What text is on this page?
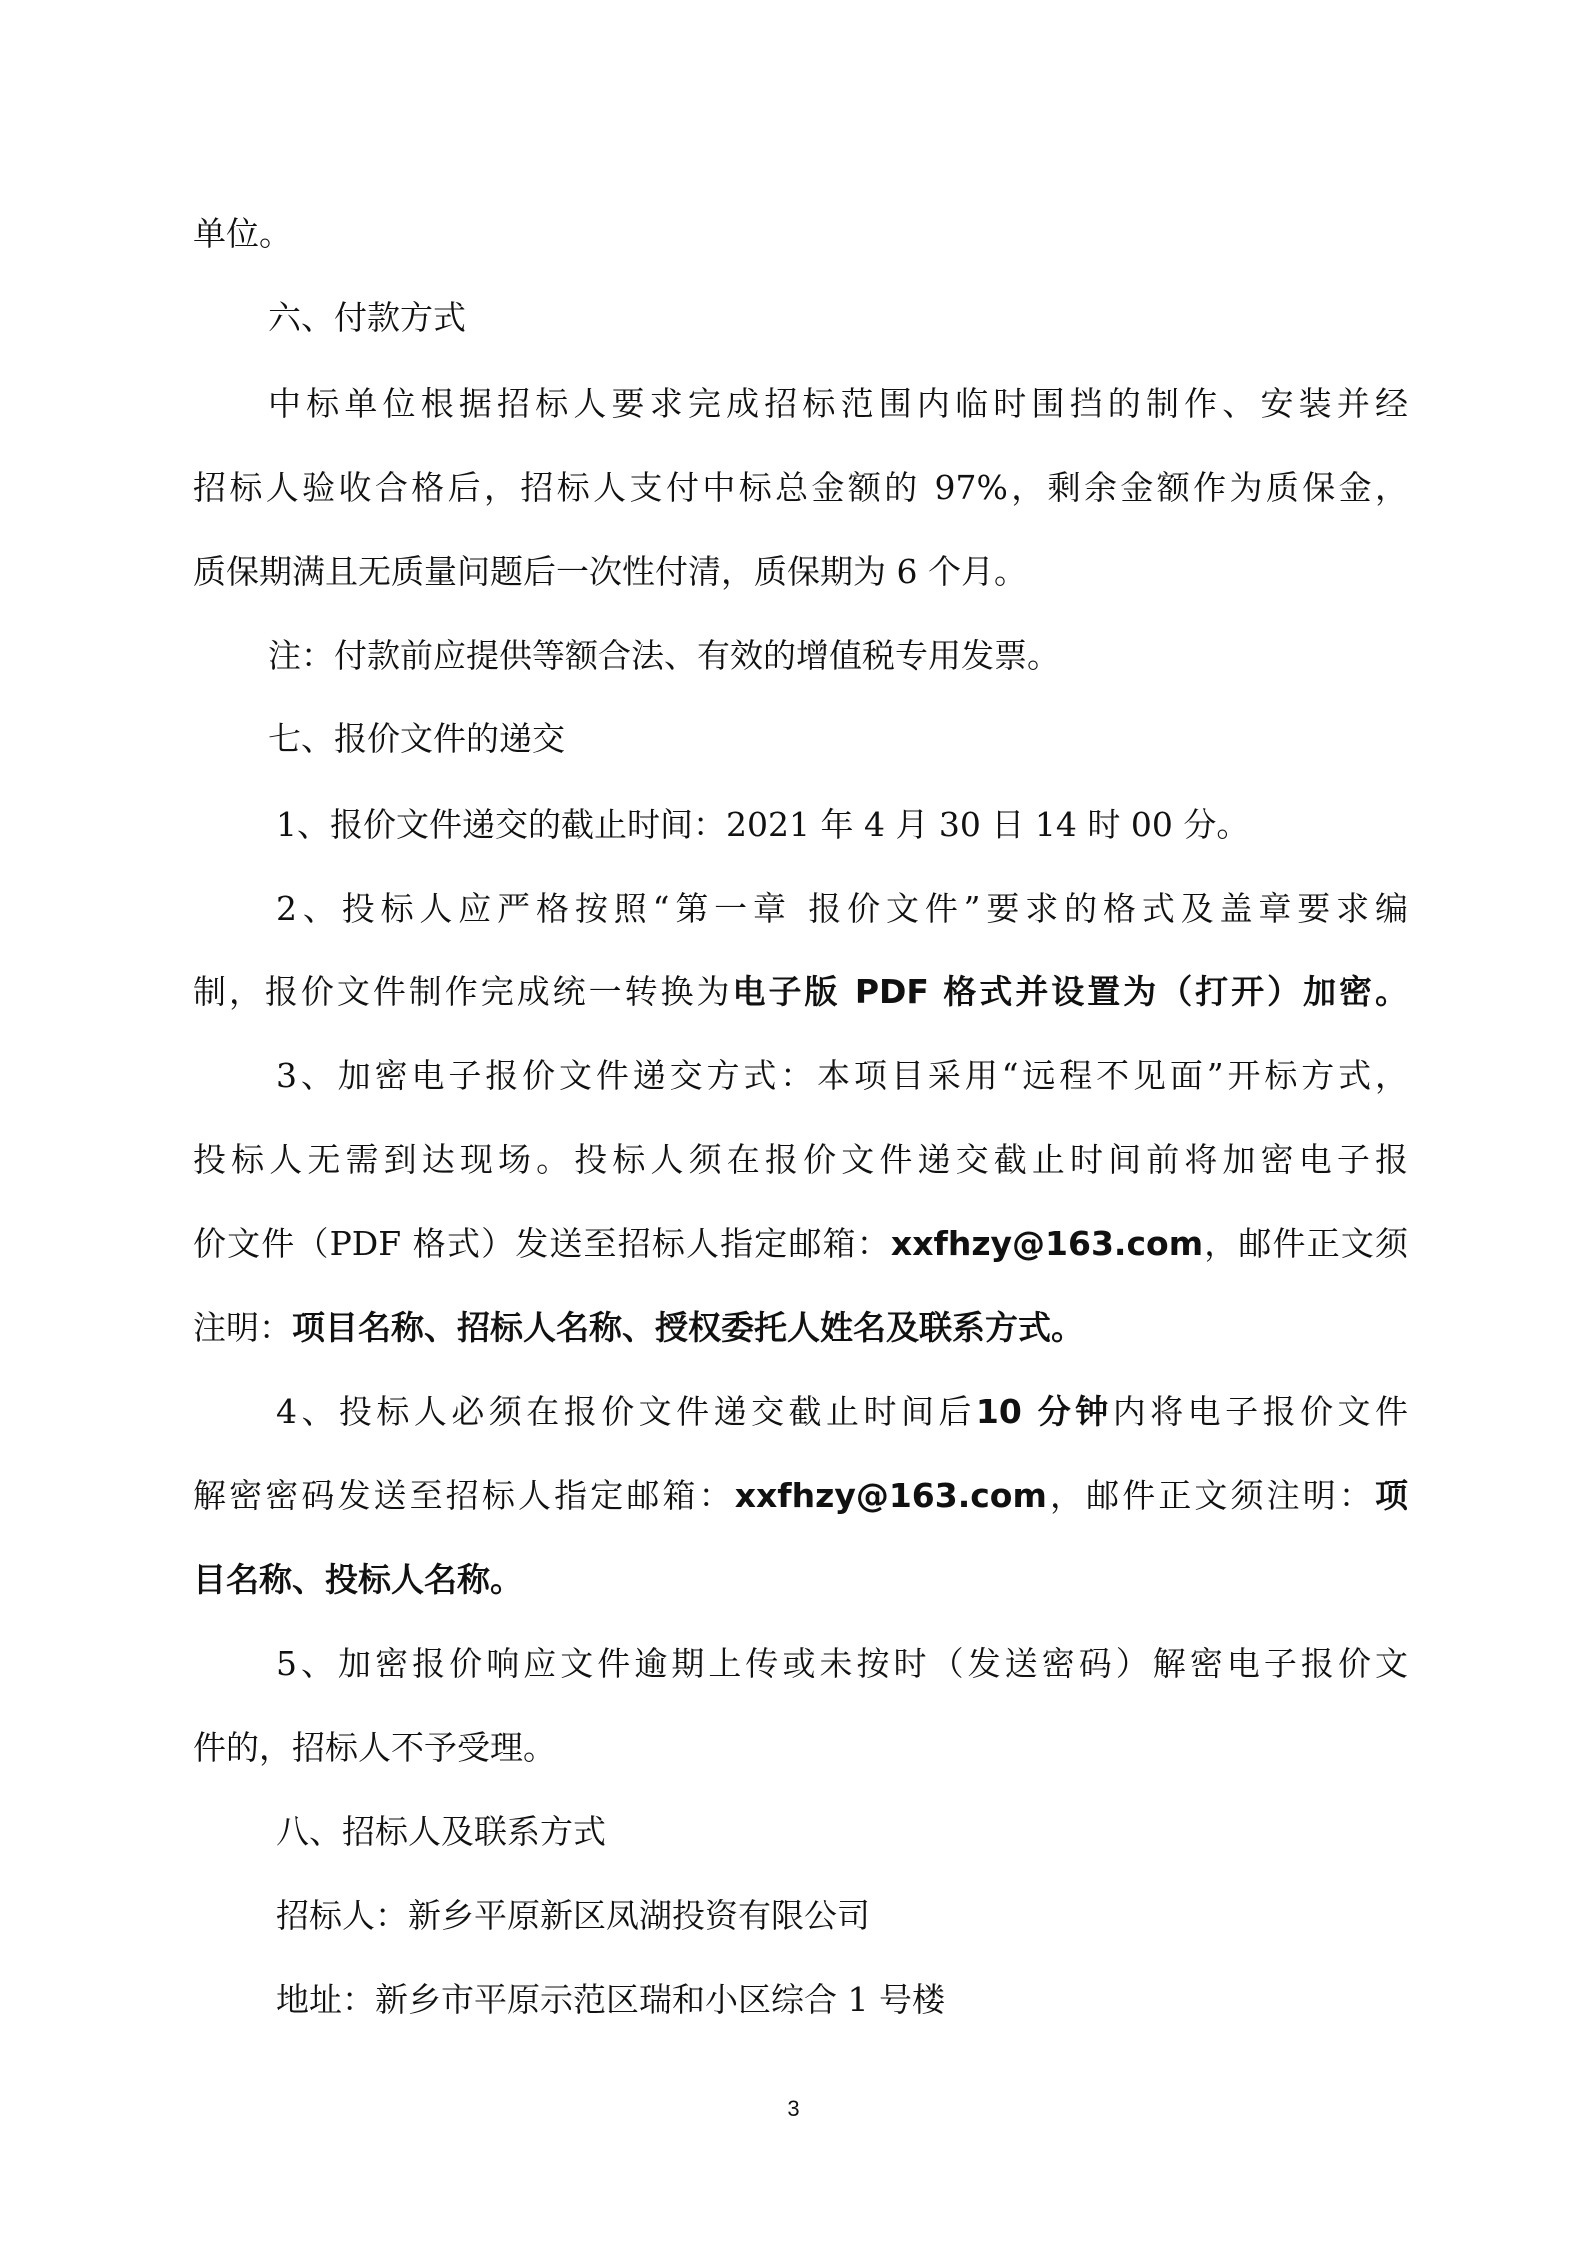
单位。
六、付款方式
中标单位根据招标人要求完成招标范围内临时围挡的制作、安装并经
招标人验收合格后，招标人支付中标总金额的 97%，剩余金额作为质保金，
质保期满且无质量问题后一次性付清，质保期为 6 个月。
注：付款前应提供等额合法、有效的增值税专用发票。
七、报价文件的递交
1、报价文件递交的截止时间：2021 年 4 月 30 日 14 时 00 分。
2、投标人应严格按照“第一章 报价文件”要求的格式及盖章要求编
制，报价文件制作完成统一转换为电子版 PDF 格式并设置为（打开）加密。
3、加密电子报价文件递交方式：本项目采用“远程不见面”开标方式，
投标人无需到达现场。投标人须在报价文件递交截止时间前将加密电子报
价文件（PDF 格式）发送至招标人指定邮箱：xxfhzy@163.com，邮件正文须
注明：项目名称、招标人名称、授权委托人姓名及联系方式。
4、投标人必须在报价文件递交截止时间后10 分钟内将电子报价文件
解密密码发送至招标人指定邮箱：xxfhzy@163.com，邮件正文须注明：项
目名称、投标人名称。
5、加密报价响应文件逾期上传或未按时（发送密码）解密电子报价文
件的，招标人不予受理。
八、招标人及联系方式
招标人：新乡平原新区凤湖投资有限公司
地址：新乡市平原示范区瑞和小区综合 1 号楼
3
